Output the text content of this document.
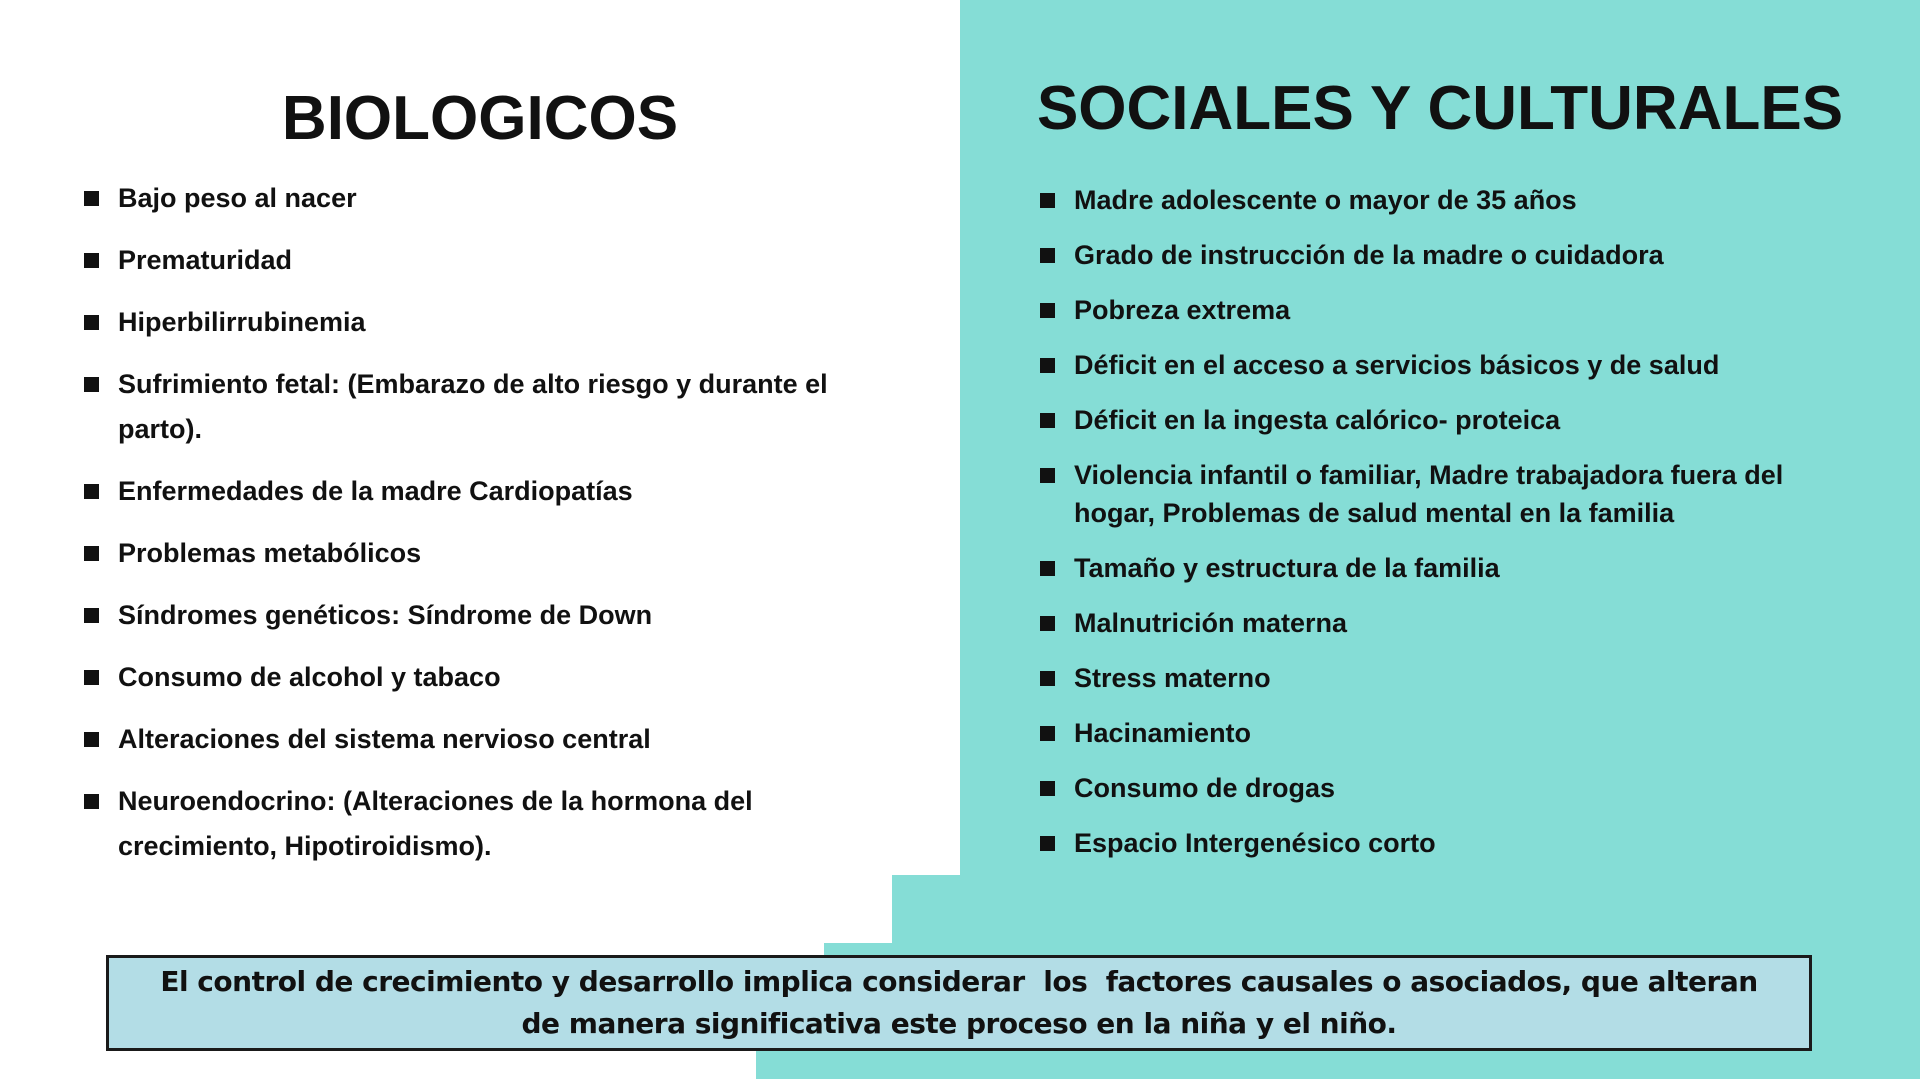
BIOLOGICOS
Bajo peso al nacer
Prematuridad
Hiperbilirrubinemia
Sufrimiento fetal: (Embarazo de alto riesgo y durante el parto).
Enfermedades de la madre Cardiopatías
Problemas metabólicos
Síndromes genéticos: Síndrome de Down
Consumo de alcohol y tabaco
Alteraciones del sistema nervioso central
Neuroendocrino: (Alteraciones de la hormona del crecimiento, Hipotiroidismo).
SOCIALES Y CULTURALES
Madre adolescente o mayor de 35 años
Grado de instrucción de la madre o cuidadora
Pobreza extrema
Déficit en el acceso a servicios básicos y de salud
Déficit en la ingesta calórico- proteica
Violencia infantil o familiar, Madre trabajadora fuera del hogar, Problemas de salud mental en la familia
Tamaño y estructura de la familia
Malnutrición materna
Stress materno
Hacinamiento
Consumo de drogas
Espacio Intergenésico corto
El control de crecimiento y desarrollo implica considerar  los  factores causales o asociados, que alteran de manera significativa este proceso en la niña y el niño.
